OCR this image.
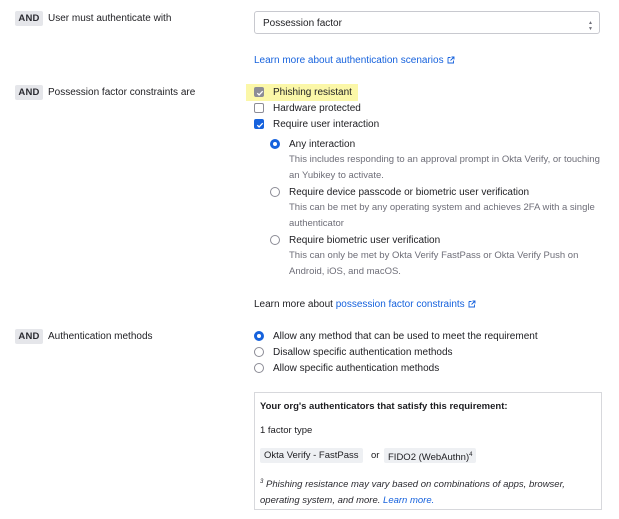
AND User must authenticate with	Possession factor	▲
▼
Learn more about authentication scenarios
AND Possession factor constraints are	Phishing resistant
Hardware protected
Require user interaction
Any interaction
This includes responding to an approval prompt in Okta Verify, or touching
an Yubikey to activate.
Require device passcode or biometric user verification
This can be met by any operating system and achieves 2FA with a single
authenticator
Require biometric user verification
This can only be met by Okta Verify FastPass or Okta Verify Push on
Android, iOS, and macOS.
Learn more about possession factor constraints
AND Authentication methods	Allow any method that can be used to meet the requirement
Disallow specific authentication methods
Allow specific authentication methods
Your org's authenticators that satisfy this requirement:
1 factor type
Okta Verify - FastPass	or FIDO2 (WebAuthn)$^4$
$^3$ Phishing resistance may vary based on combinations of apps, browser,
operating system, and more. Learn more.
